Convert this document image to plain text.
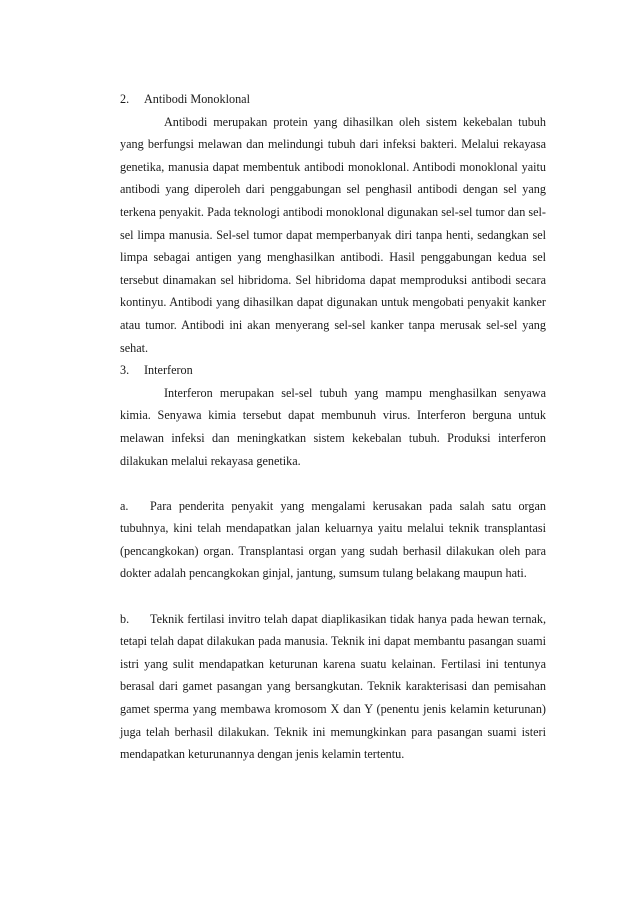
2.	Antibodi Monoklonal

Antibodi merupakan protein yang dihasilkan oleh sistem kekebalan tubuh yang berfungsi melawan dan melindungi tubuh dari infeksi bakteri. Melalui rekayasa genetika, manusia dapat membentuk antibodi monoklonal. Antibodi monoklonal yaitu antibodi yang diperoleh dari penggabungan sel penghasil antibodi dengan sel yang terkena penyakit. Pada teknologi antibodi monoklonal digunakan sel-sel tumor dan sel-sel limpa manusia. Sel-sel tumor dapat memperbanyak diri tanpa henti, sedangkan sel limpa sebagai antigen yang menghasilkan antibodi. Hasil penggabungan kedua sel tersebut dinamakan sel hibridoma. Sel hibridoma dapat memproduksi antibodi secara kontinyu. Antibodi yang dihasilkan dapat digunakan untuk mengobati penyakit kanker atau tumor. Antibodi ini akan menyerang sel-sel kanker tanpa merusak sel-sel yang sehat.

3.	Interferon

Interferon merupakan sel-sel tubuh yang mampu menghasilkan senyawa kimia. Senyawa kimia tersebut dapat membunuh virus. Interferon berguna untuk melawan infeksi dan meningkatkan sistem kekebalan tubuh. Produksi interferon dilakukan melalui rekayasa genetika.

a. Para penderita penyakit yang mengalami kerusakan pada salah satu organ tubuhnya, kini telah mendapatkan jalan keluarnya yaitu melalui teknik transplantasi (pencangkokan) organ. Transplantasi organ yang sudah berhasil dilakukan oleh para dokter adalah pencangkokan ginjal, jantung, sumsum tulang belakang maupun hati.

b. Teknik fertilasi invitro telah dapat diaplikasikan tidak hanya pada hewan ternak, tetapi telah dapat dilakukan pada manusia. Teknik ini dapat membantu pasangan suami istri yang sulit mendapatkan keturunan karena suatu kelainan. Fertilasi ini tentunya berasal dari gamet pasangan yang bersangkutan. Teknik karakterisasi dan pemisahan gamet sperma yang membawa kromosom X dan Y (penentu jenis kelamin keturunan) juga telah berhasil dilakukan. Teknik ini memungkinkan para pasangan suami isteri mendapatkan keturunannya dengan jenis kelamin tertentu.
